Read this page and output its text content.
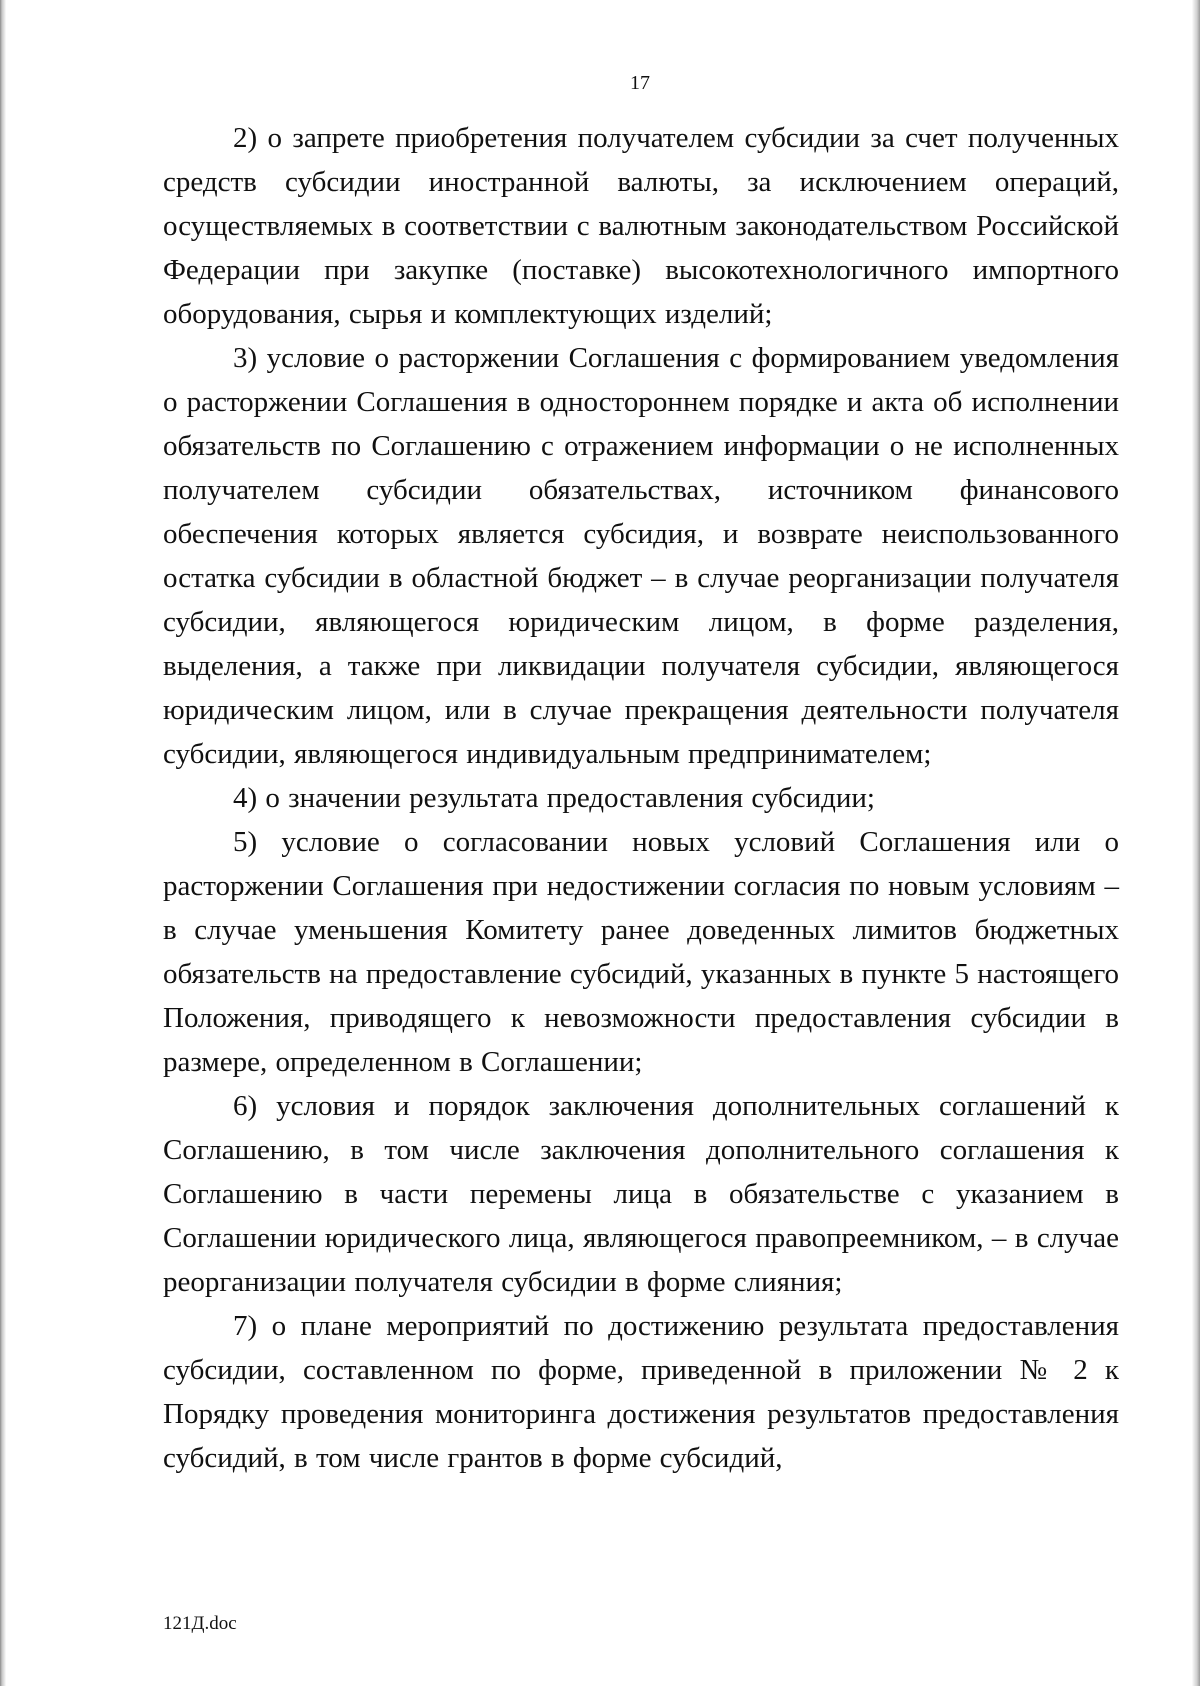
17

2) о запрете приобретения получателем субсидии за счет полученных средств субсидии иностранной валюты, за исключением операций, осуществляемых в соответствии с валютным законодательством Российской Федерации при закупке (поставке) высокотехнологичного импортного оборудования, сырья и комплектующих изделий;

3) условие о расторжении Соглашения с формированием уведомления о расторжении Соглашения в одностороннем порядке и акта об исполнении обязательств по Соглашению с отражением информации о не исполненных получателем субсидии обязательствах, источником финансового обеспечения которых является субсидия, и возврате неиспользованного остатка субсидии в областной бюджет – в случае реорганизации получателя субсидии, являющегося юридическим лицом, в форме разделения, выделения, а также при ликвидации получателя субсидии, являющегося юридическим лицом, или в случае прекращения деятельности получателя субсидии, являющегося индивидуальным предпринимателем;

4) о значении результата предоставления субсидии;

5) условие о согласовании новых условий Соглашения или о расторжении Соглашения при недостижении согласия по новым условиям – в случае уменьшения Комитету ранее доведенных лимитов бюджетных обязательств на предоставление субсидий, указанных в пункте 5 настоящего Положения, приводящего к невозможности предоставления субсидии в размере, определенном в Соглашении;

6) условия и порядок заключения дополнительных соглашений к Соглашению, в том числе заключения дополнительного соглашения к Соглашению в части перемены лица в обязательстве с указанием в Соглашении юридического лица, являющегося правопреемником, – в случае реорганизации получателя субсидии в форме слияния;

7) о плане мероприятий по достижению результата предоставления субсидии, составленном по форме, приведенной в приложении № 2 к Порядку проведения мониторинга достижения результатов предоставления субсидий, в том числе грантов в форме субсидий,

121Д.doc
